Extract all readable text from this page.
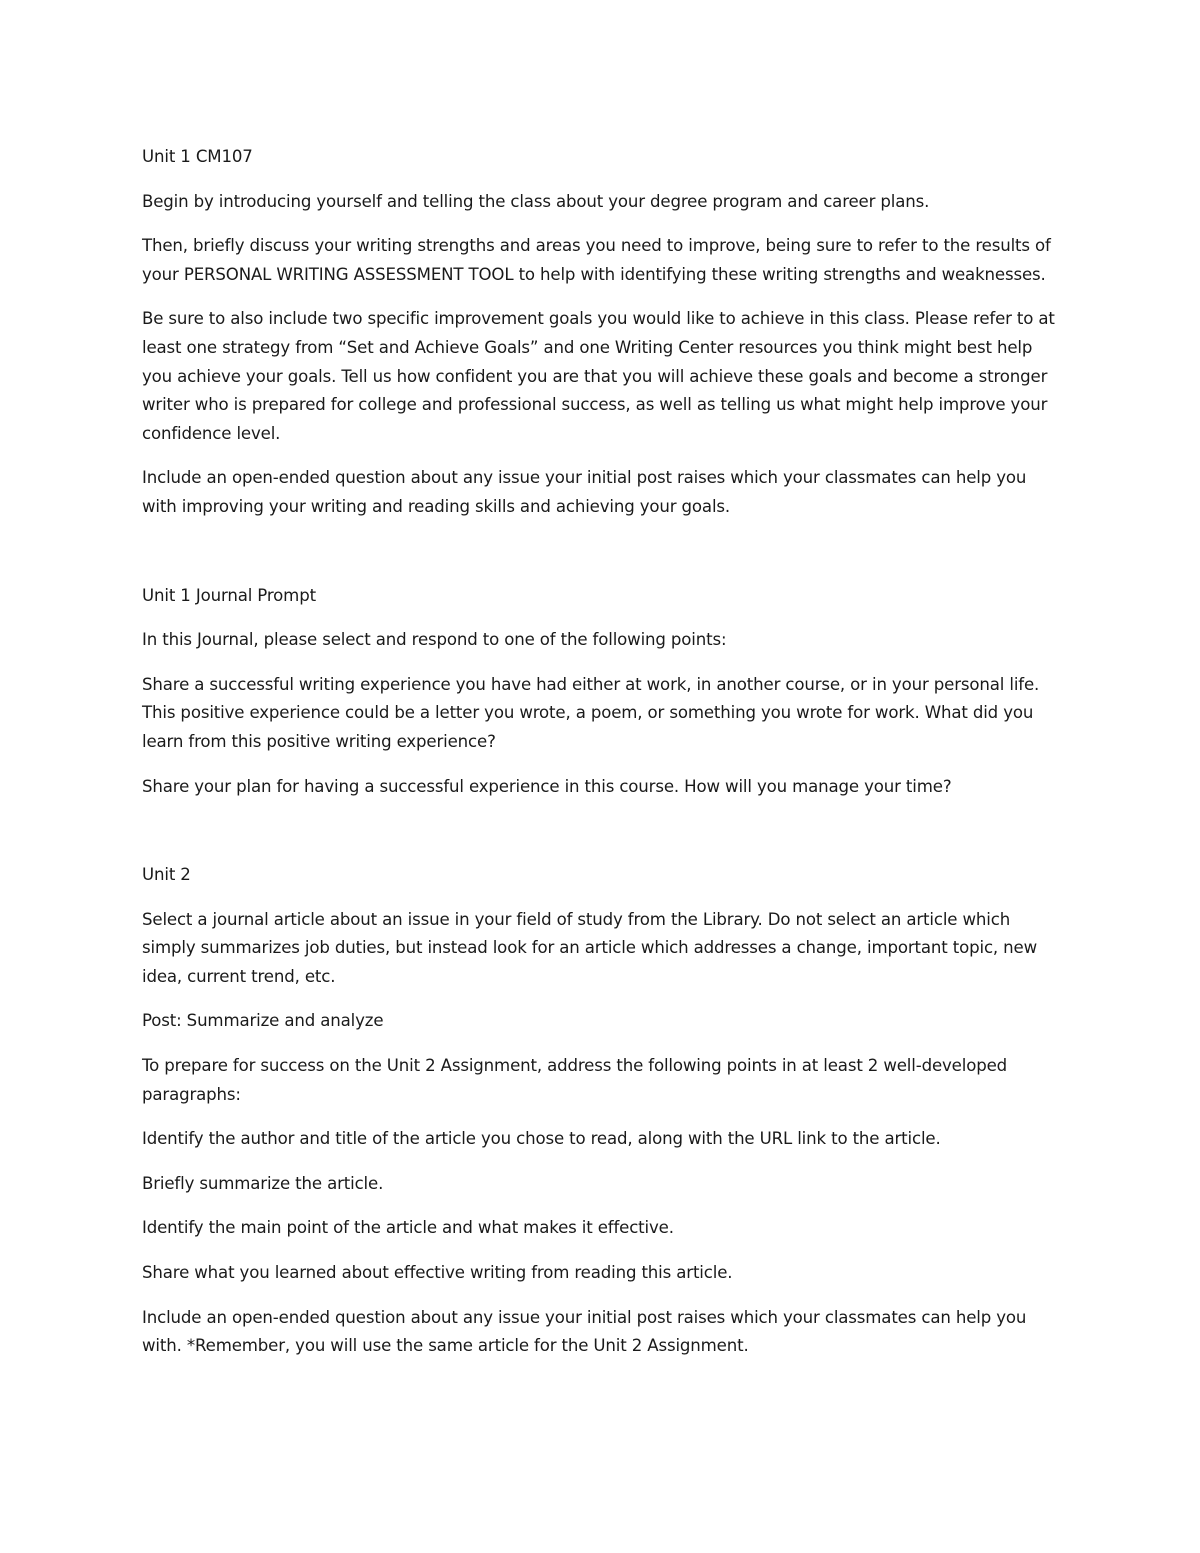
Unit 1 CM107

Begin by introducing yourself and telling the class about your degree program and career plans.

Then, briefly discuss your writing strengths and areas you need to improve, being sure to refer to the results of your PERSONAL WRITING ASSESSMENT TOOL to help with identifying these writing strengths and weaknesses.

Be sure to also include two specific improvement goals you would like to achieve in this class. Please refer to at least one strategy from “Set and Achieve Goals” and one Writing Center resources you think might best help you achieve your goals. Tell us how confident you are that you will achieve these goals and become a stronger writer who is prepared for college and professional success, as well as telling us what might help improve your confidence level.

Include an open-ended question about any issue your initial post raises which your classmates can help you with improving your writing and reading skills and achieving your goals.

Unit 1 Journal Prompt

In this Journal, please select and respond to one of the following points:

Share a successful writing experience you have had either at work, in another course, or in your personal life. This positive experience could be a letter you wrote, a poem, or something you wrote for work. What did you learn from this positive writing experience?

Share your plan for having a successful experience in this course. How will you manage your time?

Unit 2

Select a journal article about an issue in your field of study from the Library. Do not select an article which simply summarizes job duties, but instead look for an article which addresses a change, important topic, new idea, current trend, etc.

Post: Summarize and analyze

To prepare for success on the Unit 2 Assignment, address the following points in at least 2 well-developed paragraphs:

Identify the author and title of the article you chose to read, along with the URL link to the article.

Briefly summarize the article.

Identify the main point of the article and what makes it effective.

Share what you learned about effective writing from reading this article.

Include an open-ended question about any issue your initial post raises which your classmates can help you with. *Remember, you will use the same article for the Unit 2 Assignment.
